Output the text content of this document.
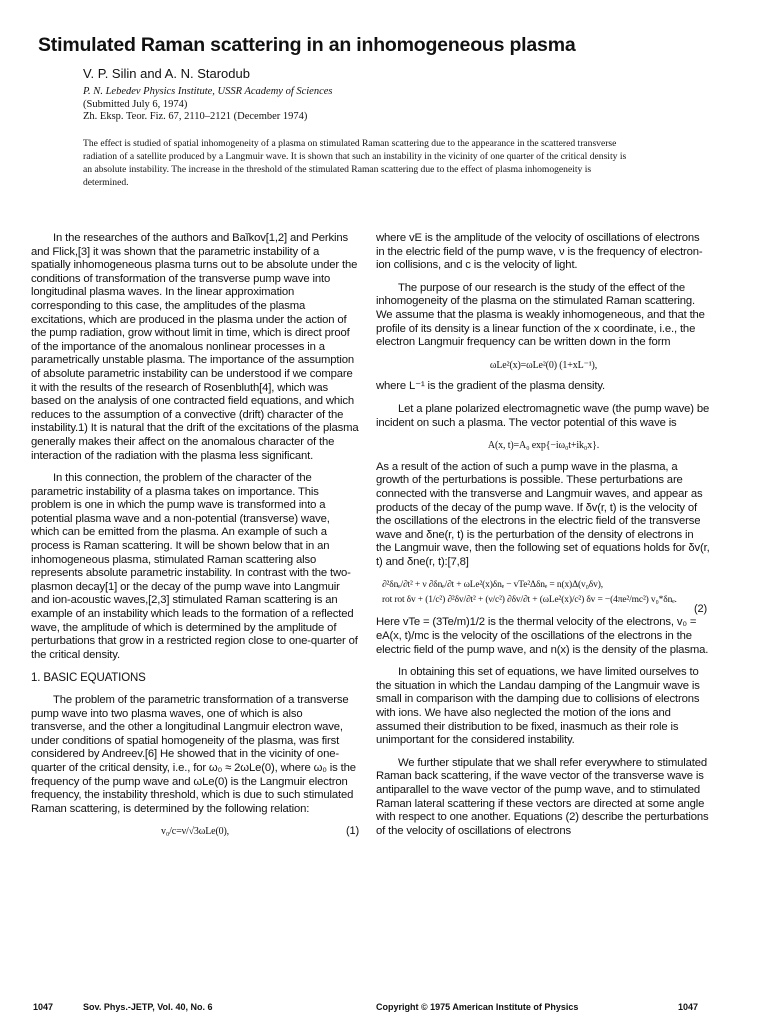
Stimulated Raman scattering in an inhomogeneous plasma
V. P. Silin and A. N. Starodub
P. N. Lebedev Physics Institute, USSR Academy of Sciences
(Submitted July 6, 1974)
Zh. Eksp. Teor. Fiz. 67, 2110–2121 (December 1974)
The effect is studied of spatial inhomogeneity of a plasma on stimulated Raman scattering due to the appearance in the scattered transverse radiation of a satellite produced by a Langmuir wave. It is shown that such an instability in the vicinity of one quarter of the critical density is an absolute instability. The increase in the threshold of the stimulated Raman scattering due to the effect of plasma inhomogeneity is determined.

In the researches of the authors and Baĭkov[1,2] and Perkins and Flick,[3] it was shown that the parametric instability of a spatially inhomogeneous plasma turns out to be absolute under the conditions of transformation of the transverse pump wave into longitudinal plasma waves. In the linear approximation corresponding to this case, the amplitudes of the plasma excitations, which are produced in the plasma under the action of the pump radiation, grow without limit in time, which is direct proof of the importance of the anomalous nonlinear processes in a parametrically unstable plasma. The importance of the assumption of absolute parametric instability can be understood if we compare it with the results of the research of Rosenbluth[4], which was based on the analysis of one contracted field equations, and which reduces to the assumption of a convective (drift) character of the instability.1) It is natural that the drift of the excitations of the plasma generally makes their affect on the anomalous character of the interaction of the radiation with the plasma less significant.

In this connection, the problem of the character of the parametric instability of a plasma takes on importance. This problem is one in which the pump wave is transformed into a potential plasma wave and a non-potential (transverse) wave, which can be emitted from the plasma. An example of such a process is Raman scattering. It will be shown below that in an inhomogeneous plasma, stimulated Raman scattering also represents absolute parametric instability. In contrast with the two-plasmon decay[1] or the decay of the pump wave into Langmuir and ion-acoustic waves,[2,3] stimulated Raman scattering is an example of an instability which leads to the formation of a reflected wave, the amplitude of which is determined by the amplitude of perturbations that grow in a restricted region close to one-quarter of the critical density.

1. BASIC EQUATIONS

The problem of the parametric transformation of a transverse pump wave into two plasma waves, one of which is also transverse, and the other a longitudinal Langmuir electron wave, under conditions of spatial homogeneity of the plasma, was first considered by Andreev.[6] He showed that in the vicinity of one-quarter of the critical density, i.e., for ω₀ ≈ 2ωLe(0), where ω₀ is the frequency of the pump wave and ωLe(0) is the Langmuir electron frequency, the instability threshold, which is due to such stimulated Raman scattering, is determined by the following relation:

v₀/c=ν/√3ωLe(0),	(1)

where vE is the amplitude of the velocity of oscillations of electrons in the electric field of the pump wave, ν is the frequency of electron-ion collisions, and c is the velocity of light.

The purpose of our research is the study of the effect of the inhomogeneity of the plasma on the stimulated Raman scattering. We assume that the plasma is weakly inhomogeneous, and that the profile of its density is a linear function of the x coordinate, i.e., the electron Langmuir frequency can be written down in the form

ωLe²(x)=ωLe²(0) (1+xL⁻¹),

where L⁻¹ is the gradient of the plasma density.

Let a plane polarized electromagnetic wave (the pump wave) be incident on such a plasma. The vector potential of this wave is

A(x, t)=A₀ exp{−iω₀t+ik₀x}.

As a result of the action of such a pump wave in the plasma, a growth of the perturbations is possible. These perturbations are connected with the transverse and Langmuir waves, and appear as products of the decay of the pump wave. If δv(r, t) is the velocity of the oscillations of the electrons in the electric field of the transverse wave and δne(r, t) is the perturbation of the density of electrons in the Langmuir wave, then the following set of equations holds for δv(r, t) and δne(r, t):[7,8]

∂²δnₑ/∂t² + ν ∂δnₑ/∂t + ωLe²(x)δnₑ − vTe²Δδnₑ = n(x)Δ(v₀δv),
rot rot δv + (1/c²) ∂²δv/∂t² + (ν/c²) ∂δv/∂t + (ωLe²(x)/c²) δv = −(4πe²/mc²) v₀*δnₑ.
(2)

Here vTe = (3Te/m)1/2 is the thermal velocity of the electrons, v₀ = eA(x, t)/mc is the velocity of the oscillations of the electrons in the electric field of the pump wave, and n(x) is the density of the plasma.

In obtaining this set of equations, we have limited ourselves to the situation in which the Landau damping of the Langmuir wave is small in comparison with the damping due to collisions of electrons with ions. We have also neglected the motion of the ions and assumed their distribution to be fixed, inasmuch as their role is unimportant for the considered instability.

We further stipulate that we shall refer everywhere to stimulated Raman back scattering, if the wave vector of the transverse wave is antiparallel to the wave vector of the pump wave, and to stimulated Raman lateral scattering if these vectors are directed at some angle with respect to one another. Equations (2) describe the perturbations of the velocity of oscillations of electrons

1047	Sov. Phys.-JETP, Vol. 40, No. 6	Copyright © 1975 American Institute of Physics	1047
